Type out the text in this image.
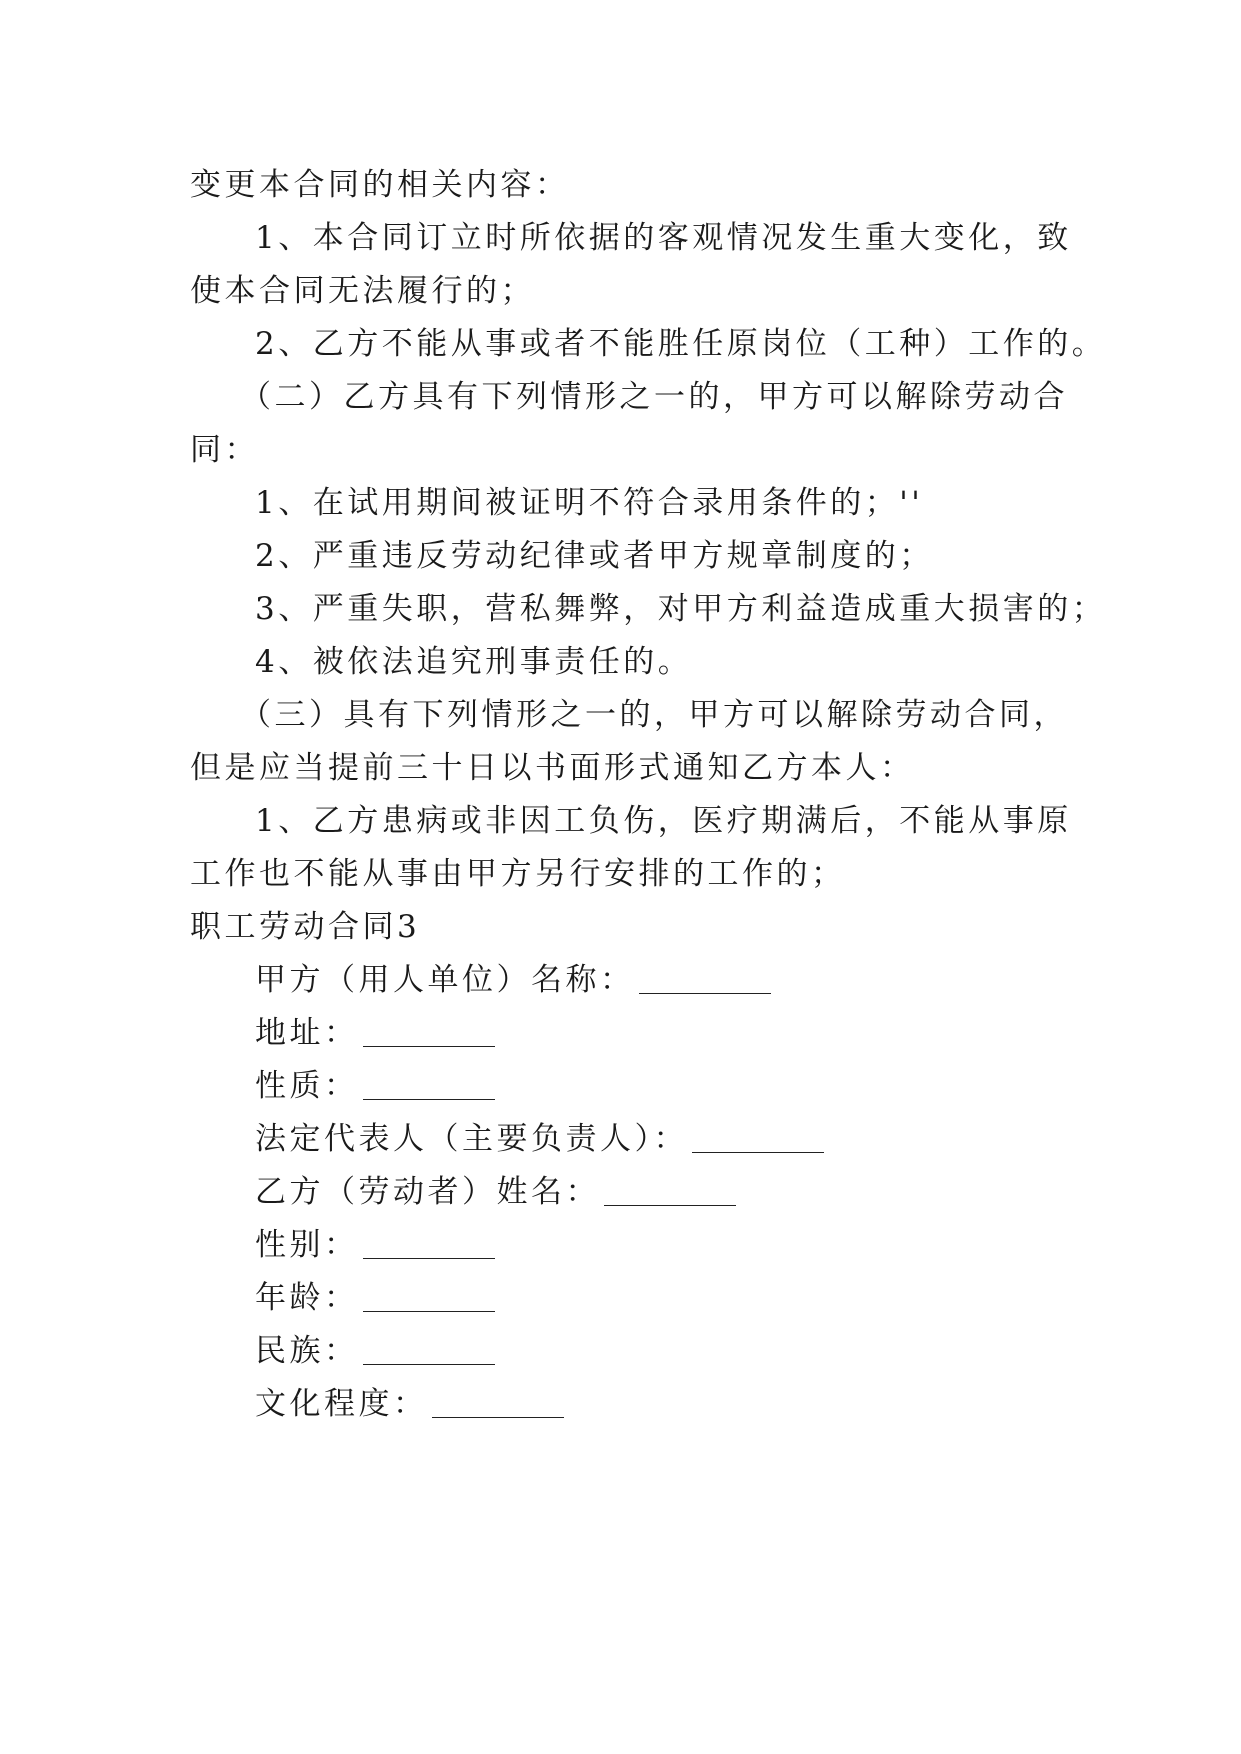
变更本合同的相关内容：
1、本合同订立时所依据的客观情况发生重大变化，致
使本合同无法履行的；
2、乙方不能从事或者不能胜任原岗位（工种）工作的。
（二）乙方具有下列情形之一的，甲方可以解除劳动合
同：
1、在试用期间被证明不符合录用条件的；''
2、严重违反劳动纪律或者甲方规章制度的；
3、严重失职，营私舞弊，对甲方利益造成重大损害的；
4、被依法追究刑事责任的。
（三）具有下列情形之一的，甲方可以解除劳动合同，
但是应当提前三十日以书面形式通知乙方本人：
1、乙方患病或非因工负伤，医疗期满后，不能从事原
工作也不能从事由甲方另行安排的工作的；
职工劳动合同3
甲方（用人单位）名称：
地址：
性质：
法定代表人（主要负责人）：
乙方（劳动者）姓名：
性别：
年龄：
民族：
文化程度：
